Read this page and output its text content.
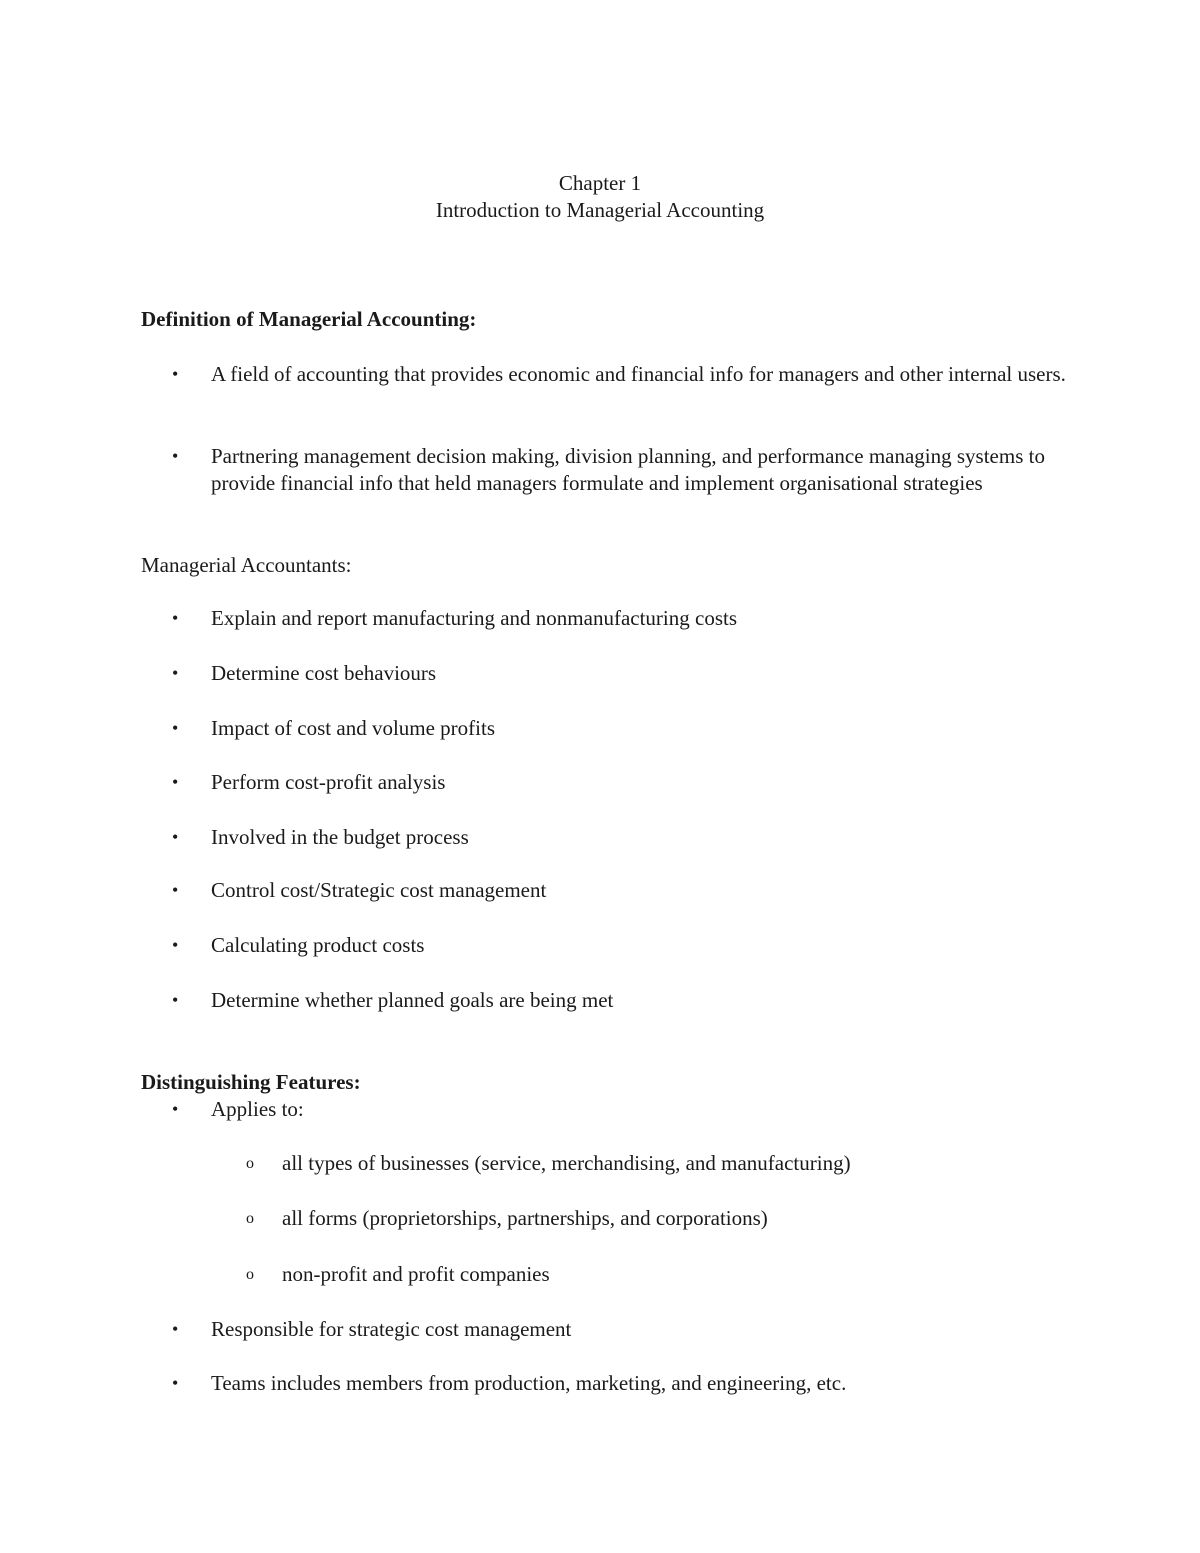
Chapter 1
Introduction to Managerial Accounting
Definition of Managerial Accounting:
•	A field of accounting that provides economic and financial info for managers and other internal users.
•	Partnering management decision making, division planning, and performance managing systems to provide financial info that held managers formulate and implement organisational strategies
Managerial Accountants:
•	Explain and report manufacturing and nonmanufacturing costs
•	Determine cost behaviours
•	Impact of cost and volume profits
•	Perform cost-profit analysis
•	Involved in the budget process
•	Control cost/Strategic cost management
•	Calculating product costs
•	Determine whether planned goals are being met
Distinguishing Features:
•	Applies to:
o	all types of businesses (service, merchandising, and manufacturing)
o	all forms (proprietorships, partnerships, and corporations)
o	non-profit and profit companies
•	Responsible for strategic cost management
•	Teams includes members from production, marketing, and engineering, etc.
